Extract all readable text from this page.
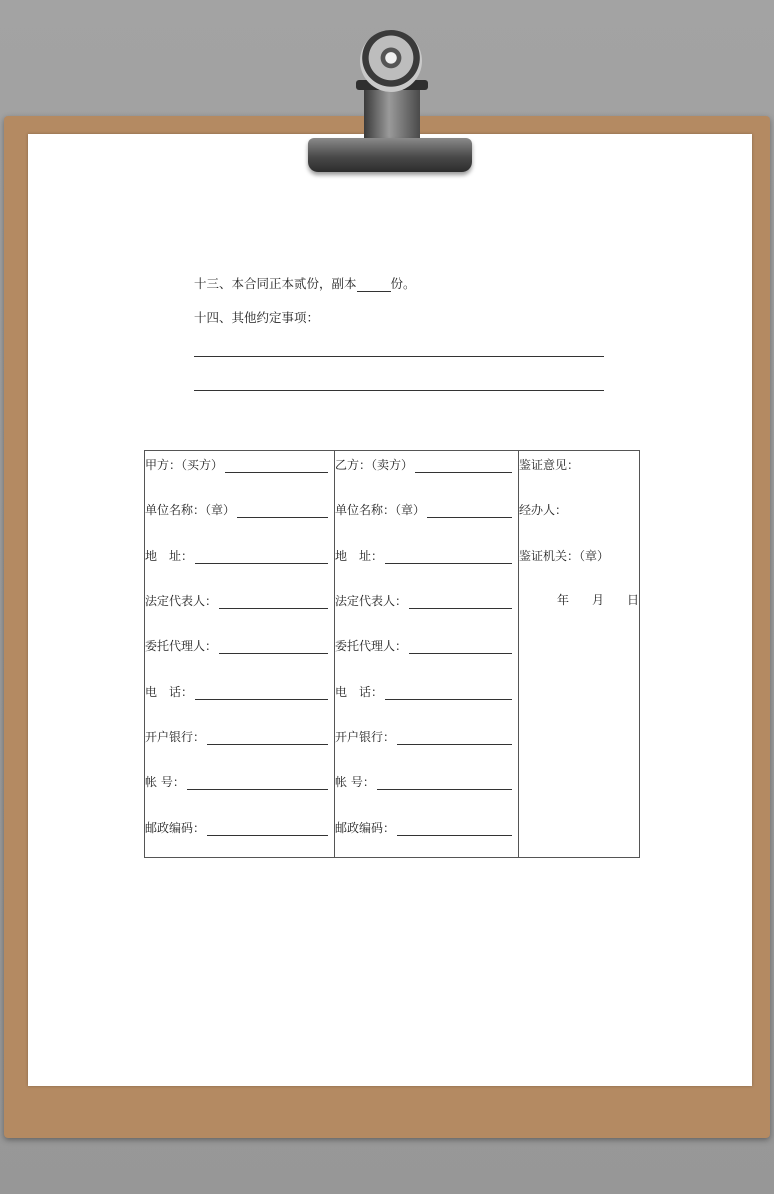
十三、本合同正本贰份，副本	份。
十四、其他约定事项：
甲方：（买方）
单位名称：（章）
地　址：
法定代表人：
委托代理人：
电　话：
开户银行：
帐 号：
邮政编码：
乙方：（卖方）
单位名称：（章）
地　址：
法定代表人：
委托代理人：
电　话：
开户银行：
帐 号：
邮政编码：
鉴证意见：
经办人：
鉴证机关：（章）
年 月 日
